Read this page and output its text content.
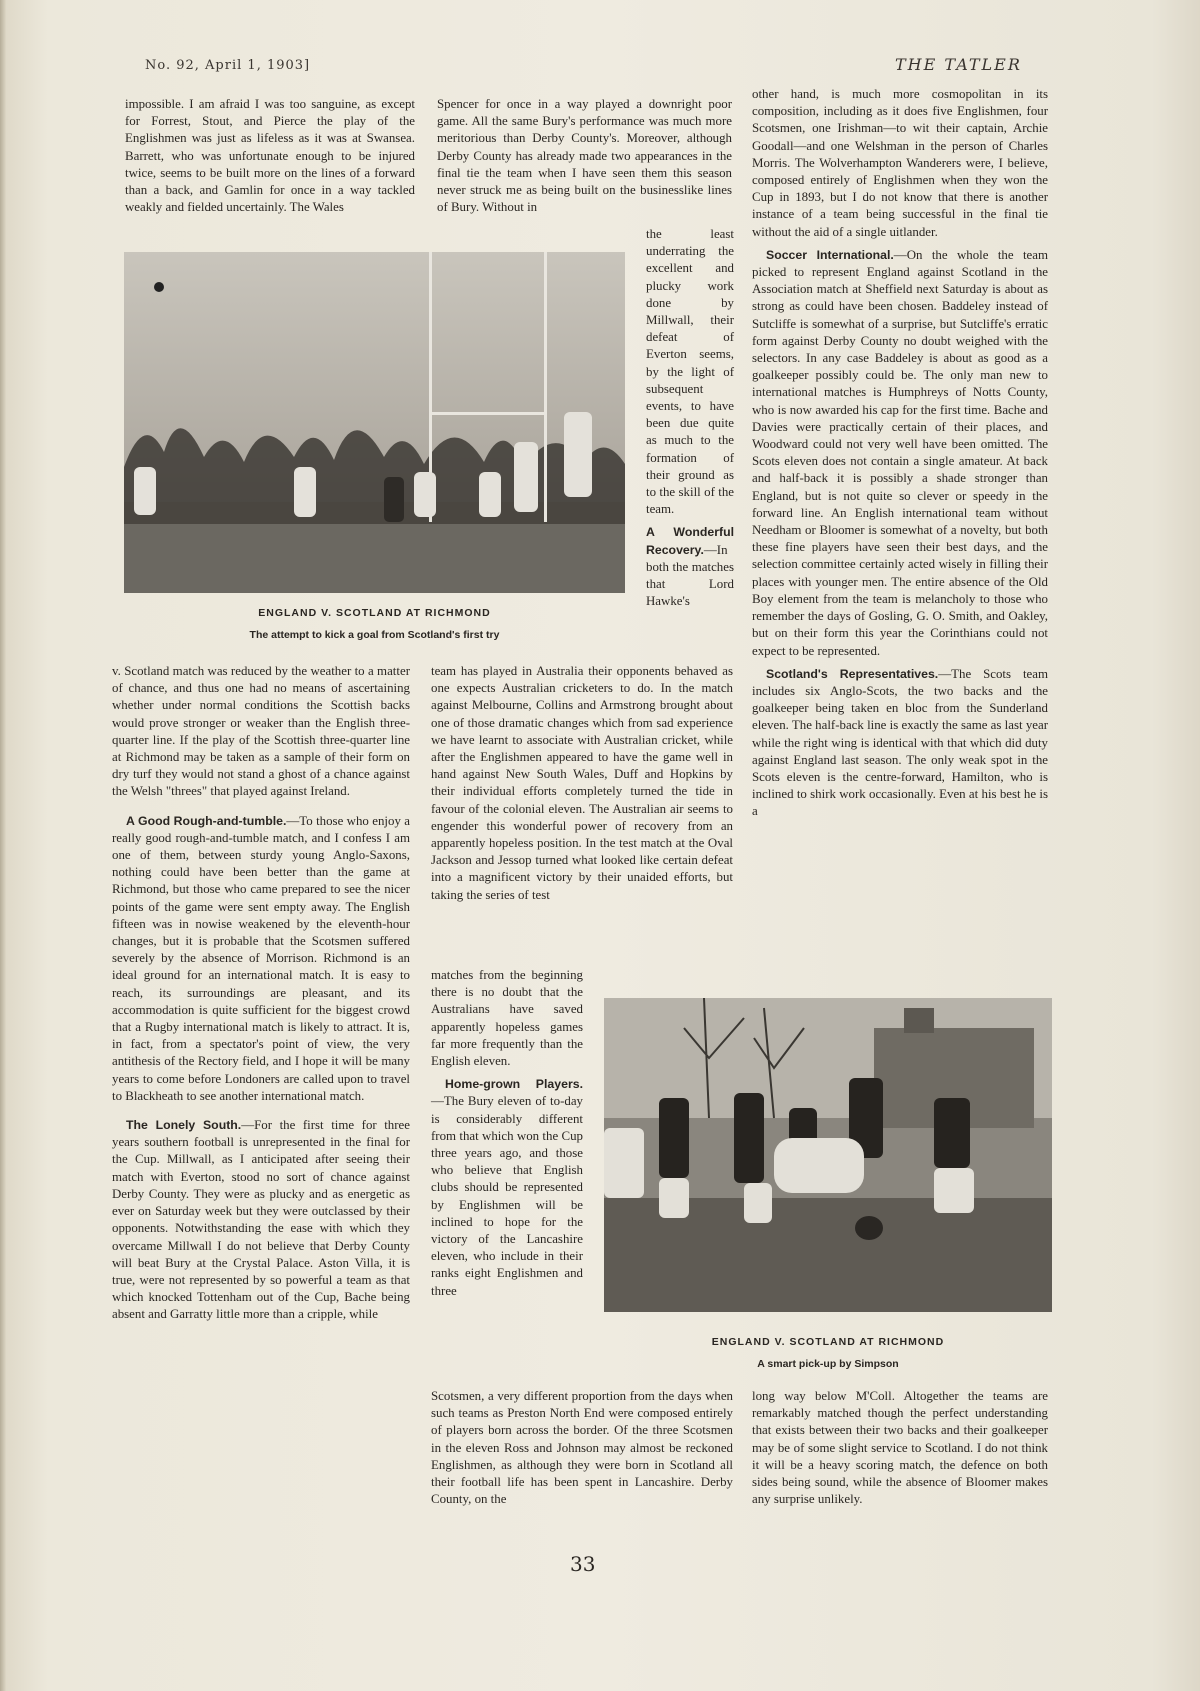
No. 92, April 1, 1903]	THE TATLER

impossible. I am afraid I was too sanguine, as except for Forrest, Stout, and Pierce the play of the Englishmen was just as lifeless as it was at Swansea. Barrett, who was unfortunate enough to be injured twice, seems to be built more on the lines of a forward than a back, and Gamlin for once in a way tackled weakly and fielded uncertainly. The Wales

Spencer for once in a way played a downright poor game. All the same Bury's performance was much more meritorious than Derby County's. Moreover, although Derby County has already made two appearances in the final tie the team when I have seen them this season never struck me as being built on the businesslike lines of Bury. Without in

the least underrating the excellent and plucky work done by Millwall, their defeat of Everton seems, by the light of subsequent events, to have been due quite as much to the formation of their ground as to the skill of the team.

A Wonderful Recovery.—In both the matches that Lord Hawke's

ENGLAND V. SCOTLAND AT RICHMOND
The attempt to kick a goal from Scotland's first try

v. Scotland match was reduced by the weather to a matter of chance, and thus one had no means of ascertaining whether under normal conditions the Scottish backs would prove stronger or weaker than the English three-quarter line. If the play of the Scottish three-quarter line at Richmond may be taken as a sample of their form on dry turf they would not stand a ghost of a chance against the Welsh "threes" that played against Ireland.

A Good Rough-and-tumble.—To those who enjoy a really good rough-and-tumble match, and I confess I am one of them, between sturdy young Anglo-Saxons, nothing could have been better than the game at Richmond, but those who came prepared to see the nicer points of the game were sent empty away. The English fifteen was in nowise weakened by the eleventh-hour changes, but it is probable that the Scotsmen suffered severely by the absence of Morrison. Richmond is an ideal ground for an international match. It is easy to reach, its surroundings are pleasant, and its accommodation is quite sufficient for the biggest crowd that a Rugby international match is likely to attract. It is, in fact, from a spectator's point of view, the very antithesis of the Rectory field, and I hope it will be many years to come before Londoners are called upon to travel to Blackheath to see another international match.

The Lonely South.—For the first time for three years southern football is unrepresented in the final for the Cup. Millwall, as I anticipated after seeing their match with Everton, stood no sort of chance against Derby County. They were as plucky and as energetic as ever on Saturday week but they were outclassed by their opponents. Notwithstanding the ease with which they overcame Millwall I do not believe that Derby County will beat Bury at the Crystal Palace. Aston Villa, it is true, were not represented by so powerful a team as that which knocked Tottenham out of the Cup, Bache being absent and Garratty little more than a cripple, while

team has played in Australia their opponents behaved as one expects Australian cricketers to do. In the match against Melbourne, Collins and Armstrong brought about one of those dramatic changes which from sad experience we have learnt to associate with Australian cricket, while after the Englishmen appeared to have the game well in hand against New South Wales, Duff and Hopkins by their individual efforts completely turned the tide in favour of the colonial eleven. The Australian air seems to engender this wonderful power of recovery from an apparently hopeless position. In the test match at the Oval Jackson and Jessop turned what looked like certain defeat into a magnificent victory by their unaided efforts, but taking the series of test

matches from the beginning there is no doubt that the Australians have saved apparently hopeless games far more frequently than the English eleven.

Home-grown Players.—The Bury eleven of to-day is considerably different from that which won the Cup three years ago, and those who believe that English clubs should be represented by Englishmen will be inclined to hope for the victory of the Lancashire eleven, who include in their ranks eight Englishmen and three

Scotsmen, a very different proportion from the days when such teams as Preston North End were composed entirely of players born across the border. Of the three Scotsmen in the eleven Ross and Johnson may almost be reckoned Englishmen, as although they were born in Scotland all their football life has been spent in Lancashire. Derby County, on the

other hand, is much more cosmopolitan in its composition, including as it does five Englishmen, four Scotsmen, one Irishman—to wit their captain, Archie Goodall—and one Welshman in the person of Charles Morris. The Wolverhampton Wanderers were, I believe, composed entirely of Englishmen when they won the Cup in 1893, but I do not know that there is another instance of a team being successful in the final tie without the aid of a single uitlander.

Soccer International.—On the whole the team picked to represent England against Scotland in the Association match at Sheffield next Saturday is about as strong as could have been chosen. Baddeley instead of Sutcliffe is somewhat of a surprise, but Sutcliffe's erratic form against Derby County no doubt weighed with the selectors. In any case Baddeley is about as good as a goalkeeper possibly could be. The only man new to international matches is Humphreys of Notts County, who is now awarded his cap for the first time. Bache and Davies were practically certain of their places, and Woodward could not very well have been omitted. The Scots eleven does not contain a single amateur. At back and half-back it is possibly a shade stronger than England, but is not quite so clever or speedy in the forward line. An English international team without Needham or Bloomer is somewhat of a novelty, but both these fine players have seen their best days, and the selection committee certainly acted wisely in filling their places with younger men. The entire absence of the Old Boy element from the team is melancholy to those who remember the days of Gosling, G. O. Smith, and Oakley, but on their form this year the Corinthians could not expect to be represented.

Scotland's Representatives.—The Scots team includes six Anglo-Scots, the two backs and the goalkeeper being taken en bloc from the Sunderland eleven. The half-back line is exactly the same as last year while the right wing is identical with that which did duty against England last season. The only weak spot in the Scots eleven is the centre-forward, Hamilton, who is inclined to shirk work occasionally. Even at his best he is a

ENGLAND V. SCOTLAND AT RICHMOND
A smart pick-up by Simpson

long way below M'Coll. Altogether the teams are remarkably matched though the perfect understanding that exists between their two backs and their goalkeeper may be of some slight service to Scotland. I do not think it will be a heavy scoring match, the defence on both sides being sound, while the absence of Bloomer makes any surprise unlikely.

33
